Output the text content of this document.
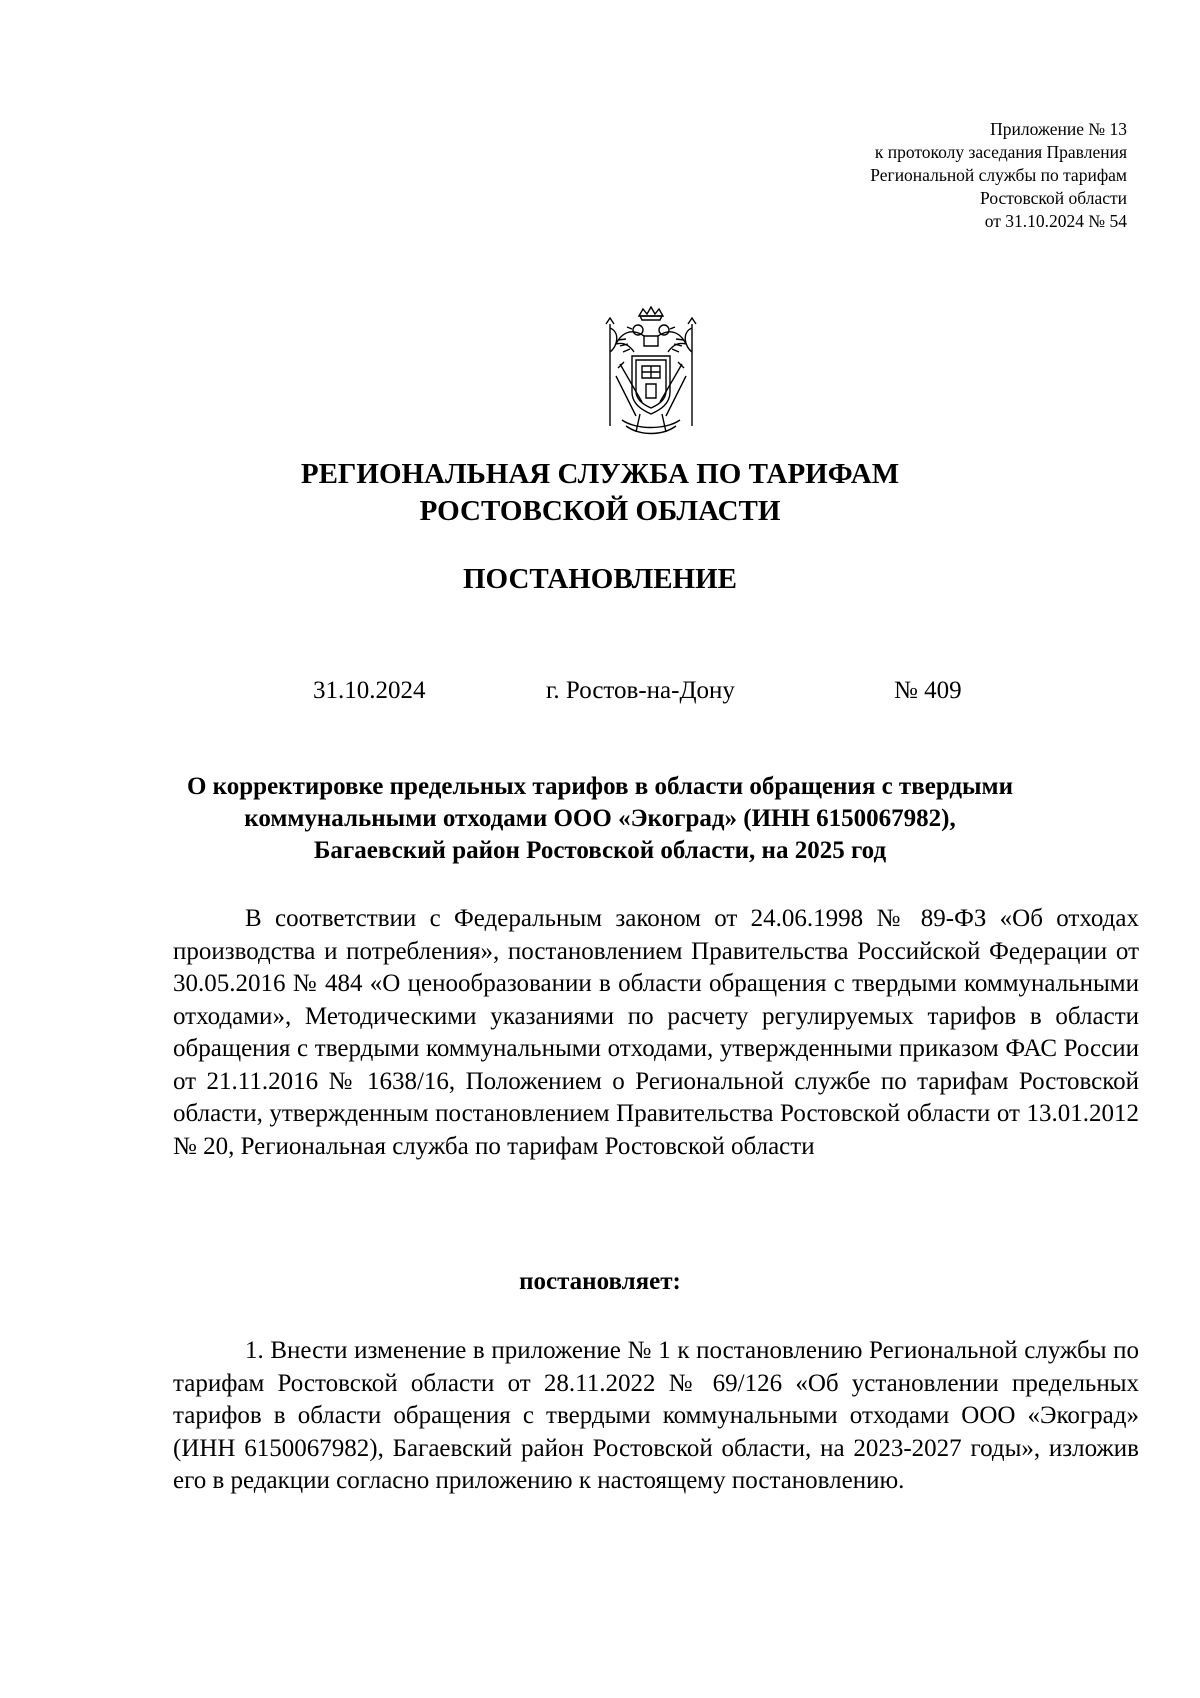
Приложение № 13
к протоколу заседания Правления
Региональной службы по тарифам
Ростовской области
от 31.10.2024 № 54
РЕГИОНАЛЬНАЯ СЛУЖБА ПО ТАРИФАМ
РОСТОВСКОЙ ОБЛАСТИ
ПОСТАНОВЛЕНИЕ
31.10.2024	г. Ростов-на-Дону	№ 409
О корректировке предельных тарифов в области обращения с твердыми
коммунальными отходами ООО «Экоград» (ИНН 6150067982),
Багаевский район Ростовской области, на 2025 год

В соответствии с Федеральным законом от 24.06.1998 № 89-ФЗ «Об отходах производства и потребления», постановлением Правительства Российской Федерации от 30.05.2016 № 484 «О ценообразовании в области обращения с твердыми коммунальными отходами», Методическими указаниями по расчету регулируемых тарифов в области обращения с твердыми коммунальными отходами, утвержденными приказом ФАС России от 21.11.2016 № 1638/16, Положением о Региональной службе по тарифам Ростовской области, утвержденным постановлением Правительства Ростовской области от 13.01.2012 № 20, Региональная служба по тарифам Ростовской области

постановляет:

1. Внести изменение в приложение № 1 к постановлению Региональной службы по тарифам Ростовской области от 28.11.2022 № 69/126 «Об установлении предельных тарифов в области обращения с твердыми коммунальными отходами ООО «Экоград» (ИНН 6150067982), Багаевский район Ростовской области, на 2023-2027 годы», изложив его в редакции согласно приложению к настоящему постановлению.
